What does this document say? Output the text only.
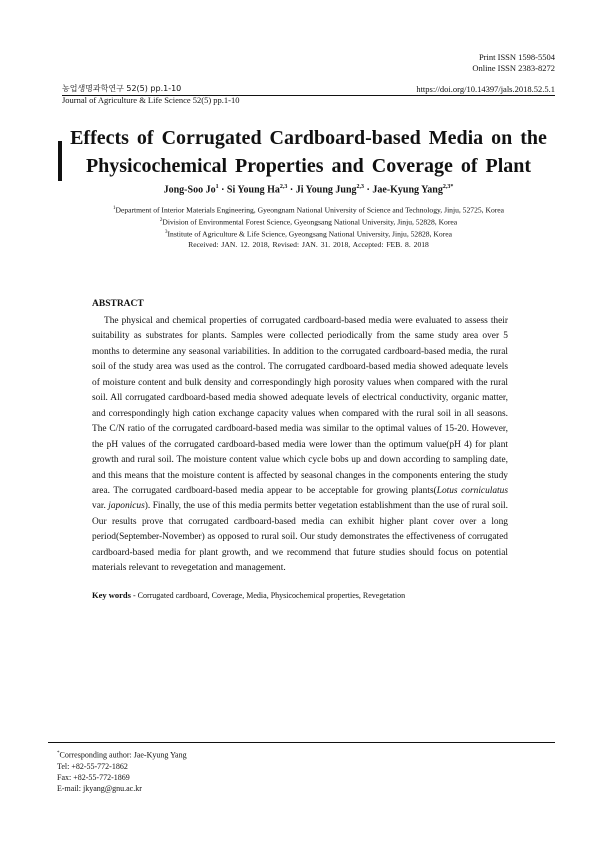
Print ISSN 1598-5504
Online ISSN 2383-8272
농업생명과학연구 52(5) pp.1-10
Journal of Agriculture & Life Science 52(5) pp.1-10
https://doi.org/10.14397/jals.2018.52.5.1
Effects of Corrugated Cardboard-based Media on the
Physicochemical Properties and Coverage of Plant
Jong-Soo $Jo^1 \cdot Si$ Young Ha$^{2,3}$ · Ji Young Jung$^{2,3}$ · Jae-Kyung Yang$^{2,3*}$
$^1$Department of Interior Materials Engineering, Gyeongnam National University of Science and Technology, Jinju, 52725, Korea
$^2$Division of Environmental Forest Science, Gyeongsang National University, Jinju, 52828, Korea
$^3$Institute of Agriculture & Life Science, Gyeongsang National University, Jinju, 52828, Korea
Received: JAN. 12. 2018, Revised: JAN. 31. 2018, Accepted: FEB. 8. 2018
ABSTRACT
The physical and chemical properties of corrugated cardboard-based media were evaluated to assess their suitability as substrates for plants. Samples were collected periodically from the same study area over 5 months to determine any seasonal variabilities. In addition to the corrugated cardboard-based media, the rural soil of the study area was used as the control. The corrugated cardboard-based media showed adequate levels of moisture content and bulk density and correspondingly high porosity values when compared with the rural soil. All corrugated cardboard-based media showed adequate levels of electrical conductivity, organic matter, and correspondingly high cation exchange capacity values when compared with the rural soil in all seasons. The C/N ratio of the corrugated cardboard-based media was similar to the optimal values of 15-20. However, the pH values of the corrugated cardboard-based media were lower than the optimum value(pH 4) for plant growth and rural soil. The moisture content value which cycle bobs up and down according to sampling date, and this means that the moisture content is affected by seasonal changes in the components entering the study area. The corrugated cardboard-based media appear to be acceptable for growing plants(Lotus corniculatus var. japonicus). Finally, the use of this media permits better vegetation establishment than the use of rural soil. Our results prove that corrugated cardboard-based media can exhibit higher plant cover over a long period(September-November) as opposed to rural soil. Our study demonstrates the effectiveness of corrugated cardboard-based media for plant growth, and we recommend that future studies should focus on potential materials relevant to revegetation and management.
Key words - Corrugated cardboard, Coverage, Media, Physicochemical properties, Revegetation
*Corresponding author: Jae-Kyung Yang
Tel: +82-55-772-1862
Fax: +82-55-772-1869
E-mail: jkyang@gnu.ac.kr
